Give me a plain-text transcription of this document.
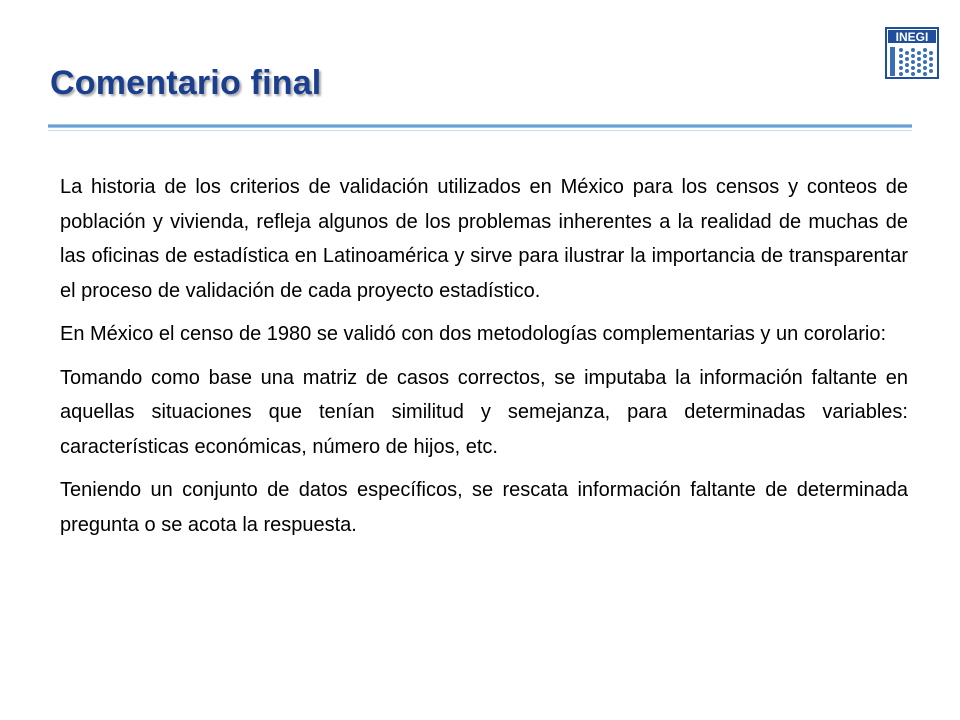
Comentario final
INEGI

La historia de los criterios de validación utilizados en México para los censos y conteos de población y vivienda, refleja algunos de los problemas inherentes a la realidad de muchas de las oficinas de estadística en Latinoamérica y sirve para ilustrar la importancia de transparentar el proceso de validación de cada proyecto estadístico.

En México el censo de 1980 se validó con dos metodologías complementarias y un corolario:

Tomando como base una matriz de casos correctos, se imputaba la información faltante en aquellas situaciones que tenían similitud y semejanza, para determinadas variables: características económicas, número de hijos, etc.

Teniendo un conjunto de datos específicos, se rescata información faltante de determinada pregunta o se acota la respuesta.
